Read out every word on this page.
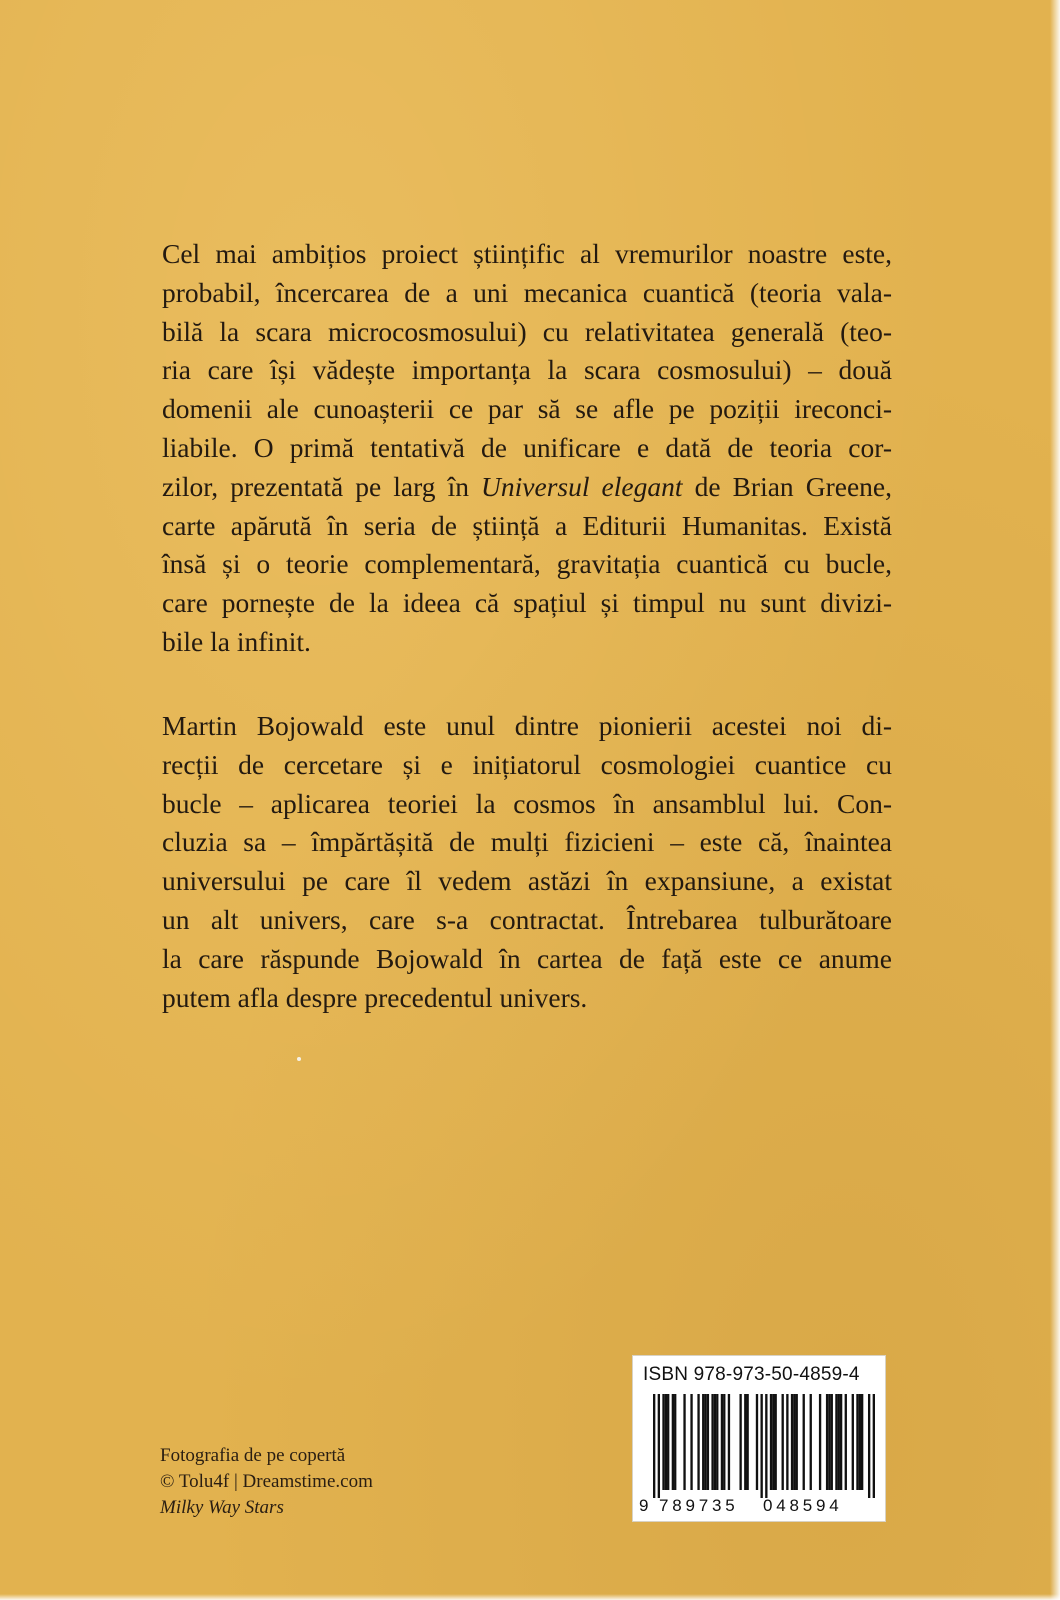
Cel mai ambițios proiect științific al vremurilor noastre este,
probabil, încercarea de a uni mecanica cuantică (teoria vala-
bilă la scara microcosmosului) cu relativitatea generală (teo-
ria care își vădește importanța la scara cosmosului) – două
domenii ale cunoașterii ce par să se afle pe poziții ireconci-
liabile. O primă tentativă de unificare e dată de teoria cor-
zilor, prezentată pe larg în Universul elegant de Brian Greene,
carte apărută în seria de știință a Editurii Humanitas. Există
însă și o teorie complementară, gravitația cuantică cu bucle,
care pornește de la ideea că spațiul și timpul nu sunt divizi-
bile la infinit.
Martin Bojowald este unul dintre pionierii acestei noi di-
recții de cercetare și e inițiatorul cosmologiei cuantice cu
bucle – aplicarea teoriei la cosmos în ansamblul lui. Con-
cluzia sa – împărtășită de mulți fizicieni – este că, înaintea
universului pe care îl vedem astăzi în expansiune, a existat
un alt univers, care s-a contractat. Întrebarea tulburătoare
la care răspunde Bojowald în cartea de față este ce anume
putem afla despre precedentul univers.
Fotografia de pe copertă
© Tolu4f | Dreamstime.com
Milky Way Stars
ISBN 978-973-50-4859-4
9 789735 048594
